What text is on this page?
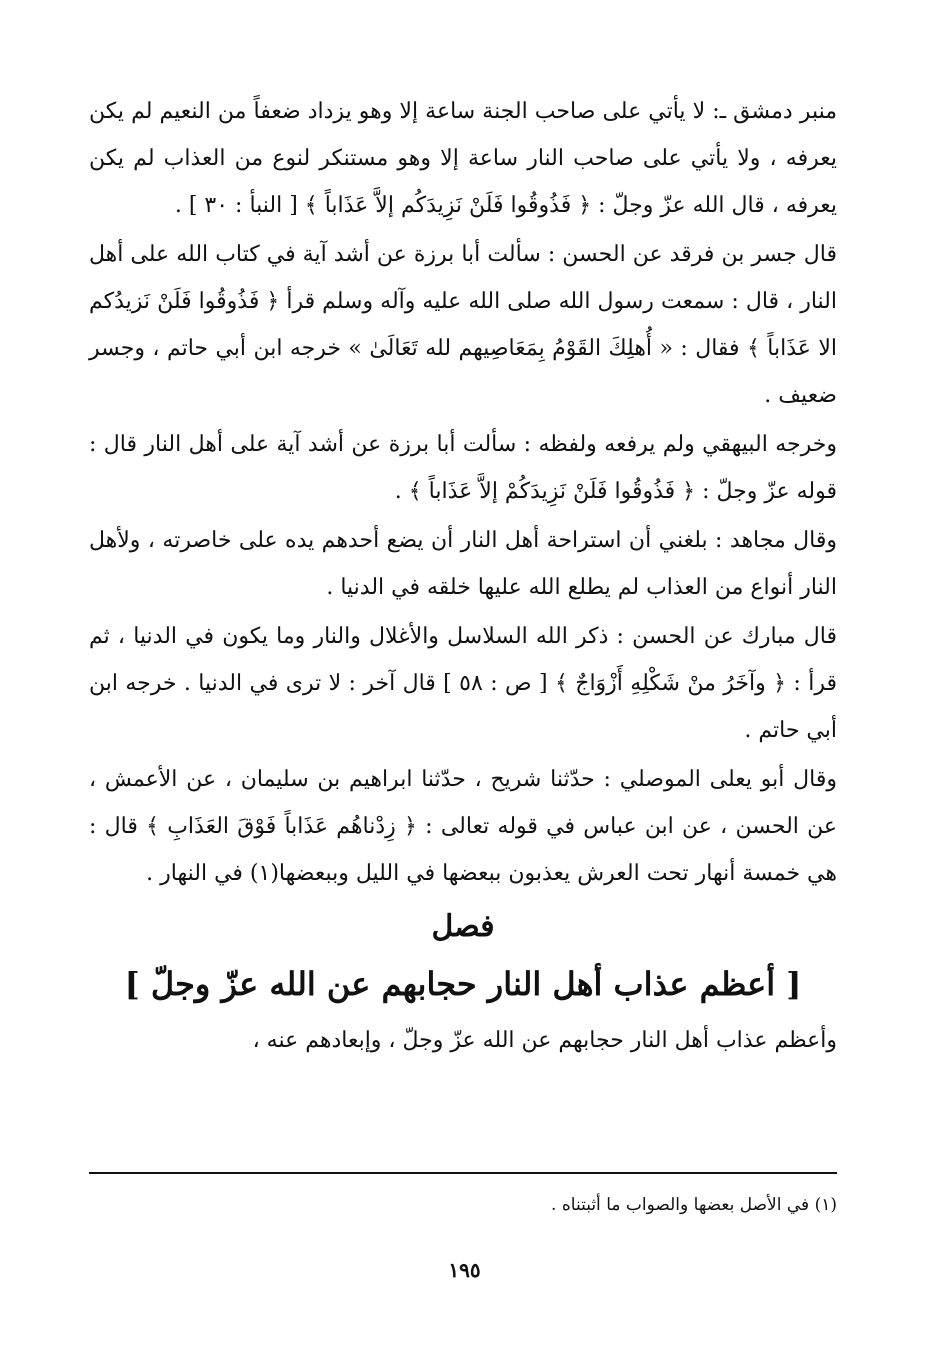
منبر دمشق ـ: لا يأتي على صاحب الجنة ساعة إلا وهو يزداد ضعفاً من النعيم لم يكن يعرفه ، ولا يأتي على صاحب النار ساعة إلا وهو مستنكر لنوع من العذاب لم يكن يعرفه ، قال الله عزّ وجلّ : ﴿ فَذُوقُوا فَلَنْ نَزِيدَكُم إلاَّ عَذَاباً ﴾ [ النبأ : ٣٠ ] .

قال جسر بن فرقد عن الحسن : سألت أبا برزة عن أشد آية في كتاب الله على أهل النار ، قال : سمعت رسول الله صلى الله عليه وآله وسلم قرأ ﴿ فَذُوقُوا فَلَنْ نَزيدُكم الا عَذَاباً ﴾ فقال : « أُهلِكَ القَوْمُ بِمَعَاصِيهم لله تَعَالَىٰ » خرجه ابن أبي حاتم ، وجسر ضعيف .

وخرجه البيهقي ولم يرفعه ولفظه : سألت أبا برزة عن أشد آية على أهل النار قال : قوله عزّ وجلّ : ﴿ فَذُوقُوا فَلَنْ نَزِيدَكُمْ إلاَّ عَذَاباً ﴾ .

وقال مجاهد : بلغني أن استراحة أهل النار أن يضع أحدهم يده على خاصرته ، ولأهل النار أنواع من العذاب لم يطلع الله عليها خلقه في الدنيا .

قال مبارك عن الحسن : ذكر الله السلاسل والأغلال والنار وما يكون في الدنيا ، ثم قرأ : ﴿ وآخَرُ منْ شَكْلِهِ أَزْوَاجٌ ﴾ [ ص : ٥٨ ] قال آخر : لا ترى في الدنيا . خرجه ابن أبي حاتم .

وقال أبو يعلى الموصلي : حدّثنا شريح ، حدّثنا ابراهيم بن سليمان ، عن الأعمش ، عن الحسن ، عن ابن عباس في قوله تعالى : ﴿ زِدْناهُم عَذَاباً فَوْقَ العَذَابِ ﴾ قال : هي خمسة أنهار تحت العرش يعذبون ببعضها في الليل وببعضها(١) في النهار .

فصل
[ أعظم عذاب أهل النار حجابهم عن الله عزّ وجلّ ]

وأعظم عذاب أهل النار حجابهم عن الله عزّ وجلّ ، وإبعادهم عنه ،

(١) في الأصل بعضها والصواب ما أثبتناه .
١٩٥
